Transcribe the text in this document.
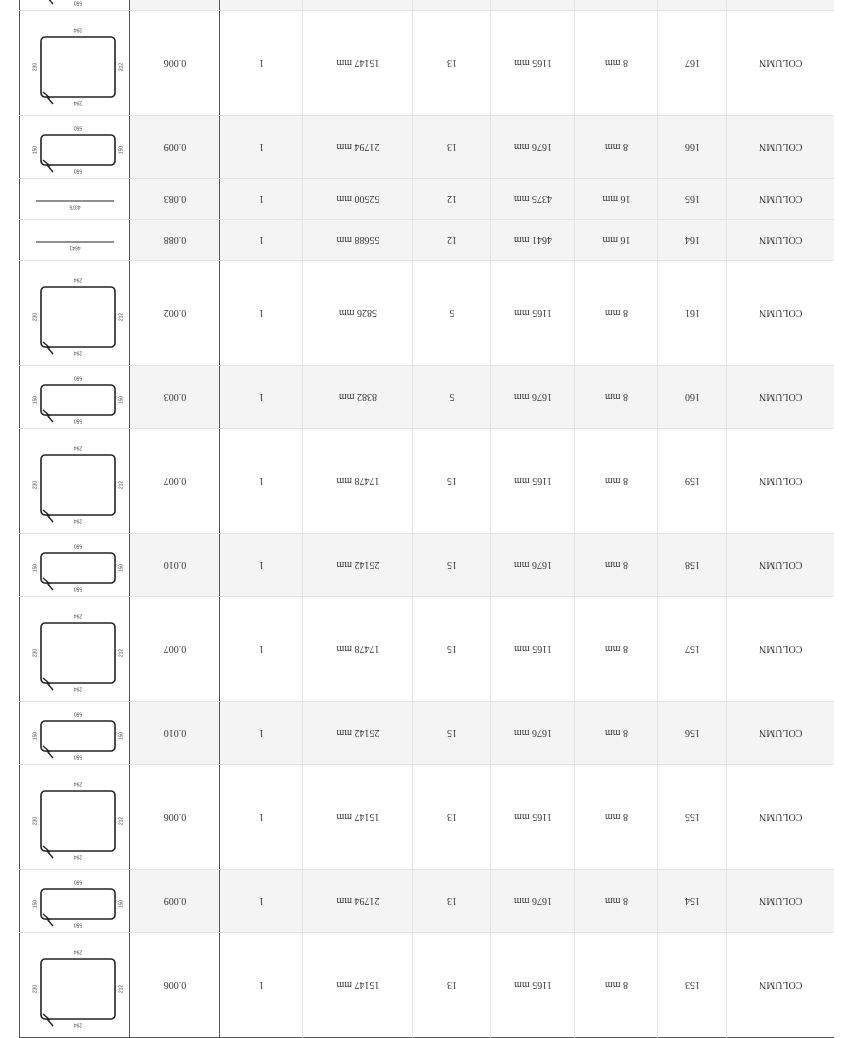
COLUMN	153	8 mm	1165 mm	13	15147 mm	1	0.006	294
212
230
294

COLUMN	154	8 mm	1676 mm	13	21794 mm	1	0.009	550
150
150
550

COLUMN	155	8 mm	1165 mm	13	15147 mm	1	0.006	294
212
230
294

COLUMN	156	8 mm	1676 mm	15	25142 mm	1	0.010	550
150
150
550

COLUMN	157	8 mm	1165 mm	15	17478 mm	1	0.007	294
212
230
294

COLUMN	158	8 mm	1676 mm	15	25142 mm	1	0.010	550
150
150
550

COLUMN	159	8 mm	1165 mm	15	17478 mm	1	0.007	294
212
230
294

COLUMN	160	8 mm	1676 mm	5	8382 mm	1	0.003	550
150
150
550

COLUMN	161	8 mm	1165 mm	5	5826 mm	1	0.002	294
212
230
294

COLUMN	164	16 mm	4641 mm	12	55688 mm	1	0.088	4641

COLUMN	165	16 mm	4375 mm	12	52500 mm	1	0.083	4375

COLUMN	166	8 mm	1676 mm	13	21794 mm	1	0.009	550
150
150
550

COLUMN	167	8 mm	1165 mm	13	15147 mm	1	0.006	294
212
230
294

550
